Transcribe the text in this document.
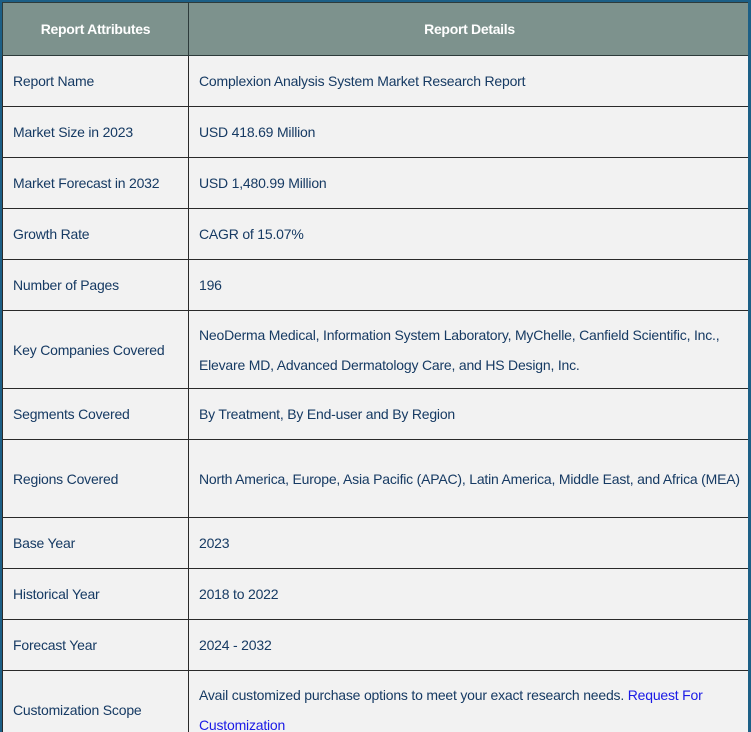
Report Attributes	Report Details
Report Name	Complexion Analysis System Market Research Report
Market Size in 2023	USD 418.69 Million
Market Forecast in 2032	USD 1,480.99 Million
Growth Rate	CAGR of 15.07%
Number of Pages	196
Key Companies Covered	NeoDerma Medical, Information System Laboratory, MyChelle, Canfield Scientific, Inc., Elevare MD, Advanced Dermatology Care, and HS Design, Inc.
Segments Covered	By Treatment, By End-user and By Region
Regions Covered	North America, Europe, Asia Pacific (APAC), Latin America, Middle East, and Africa (MEA)
Base Year	2023
Historical Year	2018 to 2022
Forecast Year	2024 - 2032
Customization Scope	Avail customized purchase options to meet your exact research needs. Request For Customization
